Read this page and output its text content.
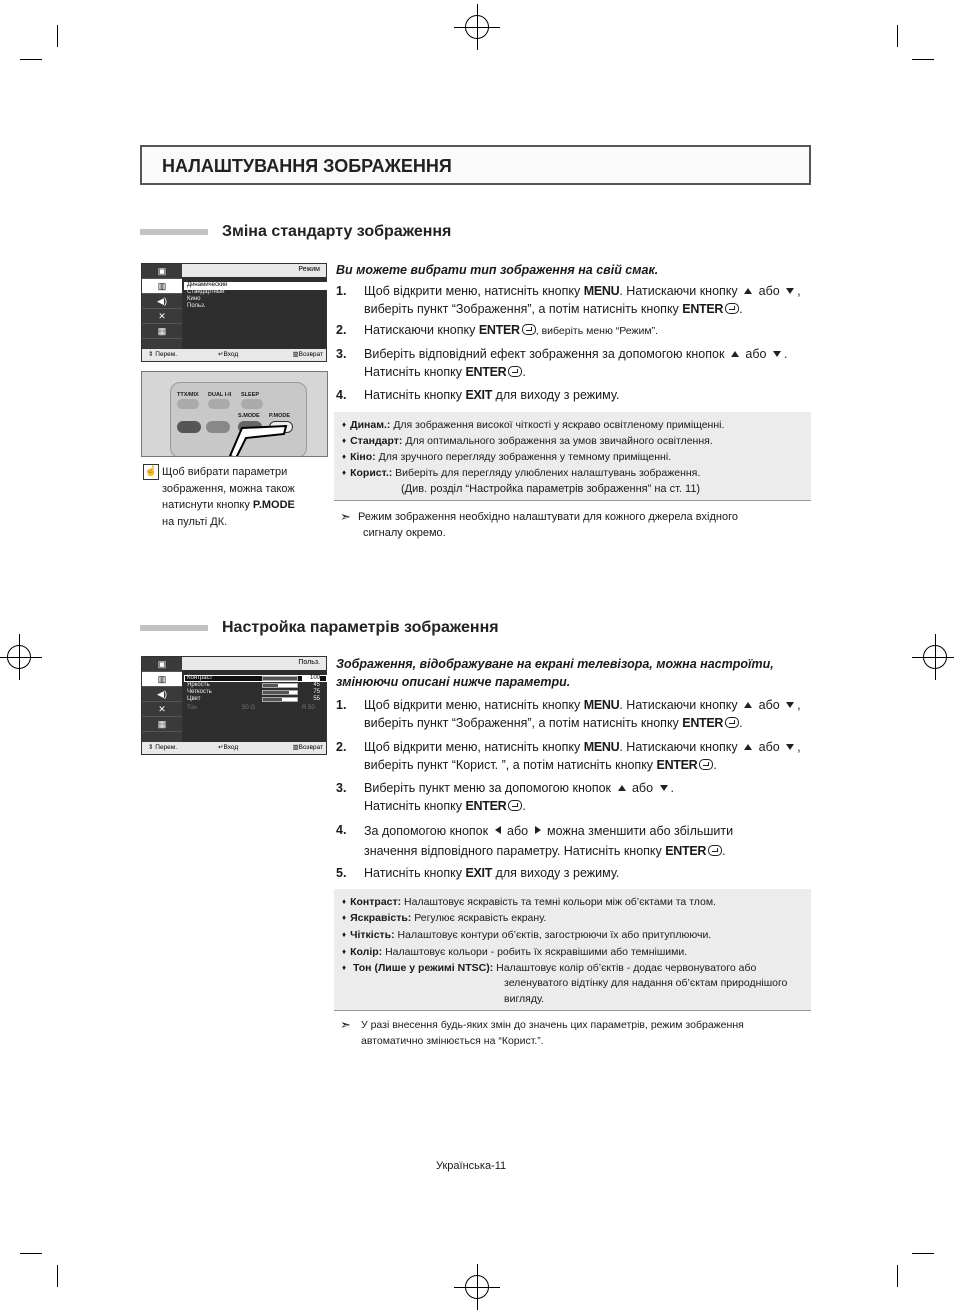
НАЛАШТУВАННЯ ЗОБРАЖЕННЯ
Зміна стандарту зображення
▣
▥
◀)
✕
▦
Режим
Динамический
Стандартный
Кино
Польз.
⇕ Перем.	↵Вход	▥Возврат
TTX/MIX DUAL I-II SLEEP
S.MODE P.MODE
☝ Щоб вибрати параметри
зображення, можна також
натиснути кнопку P.MODE
на пульті ДК.
Ви можете вибрати тип зображення на свій смак.
1. Щоб відкрити меню, натисніть кнопку MENU. Натискаючи кнопку  або ,
виберіть пункт “Зображення”, а потім натисніть кнопку ENTER .
2. Натискаючи кнопку ENTER , виберіть меню “Режим”.
3. Виберіть відповідний ефект зображення за допомогою кнопок  або .
Натисніть кнопку ENTER .
4. Натисніть кнопку EXIT для виходу з режиму.
♦ Динам.: Для зображення високої чіткості у яскраво освітленому приміщенні.
♦ Стандарт: Для оптимального зображення за умов звичайного освітлення.
♦ Кіно: Для зручного перегляду зображення у темному приміщенні.
♦ Корист.: Виберіть для перегляду улюблених налаштувань зображення.
(Див. розділ “Настройка параметрів зображення” на ст. 11)
➣ Режим зображення необхідно налаштувати для кожного джерела вхідного
сигналу окремо.
Настройка параметрів зображення
▣
▥
◀)
✕
▦
Польз.
Контраст	100
Яркость	45
Четкость	75
Цвет	55
Тон	50 G	R 50
⇕ Перем.	↵Вход	▥Возврат
Зображення, відображуване на екрані телевізора, можна настроїти,
змінюючи описані нижче параметри.
1. Щоб відкрити меню, натисніть кнопку MENU. Натискаючи кнопку  або ,
виберіть пункт “Зображення”, а потім натисніть кнопку ENTER .
2. Щоб відкрити меню, натисніть кнопку MENU. Натискаючи кнопку  або ,
виберіть пункт “Корист. ”, а потім натисніть кнопку ENTER .
3. Виберіть пункт меню за допомогою кнопок  або .
Натисніть кнопку ENTER .
4. За допомогою кнопок  або  можна зменшити або збільшити
значення відповідного параметру. Натисніть кнопку ENTER .
5. Натисніть кнопку EXIT для виходу з режиму.
♦ Контраст: Налаштовує яскравість та темні кольори між об’єктами та тлом.
♦ Яскравість: Регулює яскравість екрану.
♦ Чіткість: Налаштовує контури об’єктів, загострюючи їх або притуплюючи.
♦ Колір: Налаштовує кольори - робить їх яскравішими або темнішими.
♦ Тон (Лише у режимі NTSC): Налаштовує колір об’єктів - додає червонуватого або
зеленуватого відтінку для надання об’єктам природнішого
вигляду.
➣ У разі внесення будь-яких змін до значень цих параметрів, режим зображення
автоматично змінюється на “Корист.”.
Українська-11
